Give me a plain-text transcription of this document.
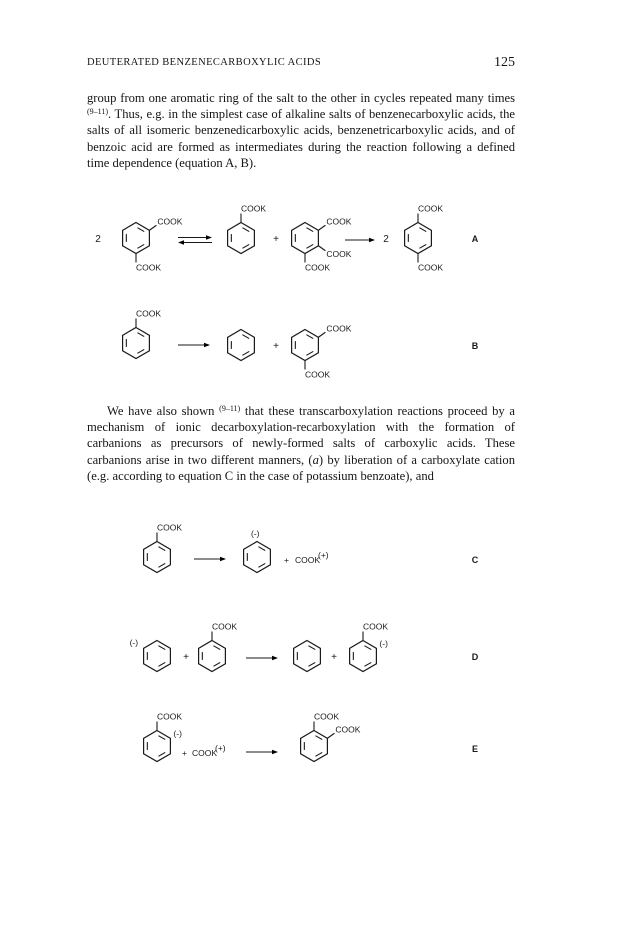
DEUTERATED BENZENECARBOXYLIC ACIDS	125
group from one aromatic ring of the salt to the other in cycles repeated many times $^{(9-11)}$. Thus, e.g. in the simplest case of alkaline salts of benzenecarboxylic acids, the salts of all isomeric benzenedicarboxylic acids, benzenetricarboxylic acids, and of benzoic acid are formed as intermediates during the reaction following a defined time dependence (equation A, B).
We have also shown $^{(9-11)}$ that these transcarboxylation reactions proceed by a mechanism of ionic decarboxylation-recarboxylation with the formation of carbanions as precursors of newly-formed salts of carboxylic acids. These carbanions arise in two different manners, (a) by liberation of a carboxylate cation (e.g. according to equation C in the case of potassium benzoate), and
2
COOK
COOK
COOK
+
COOK
COOK
COOK
2
COOK
COOK
A
COOK
+
COOK
COOK
B
COOK
(-)
+ COOK
(+)	C
(-)
+
COOK
+
COOK
(-)
D
COOK
(-)
+ COOK
(+)
COOK
COOK
E
